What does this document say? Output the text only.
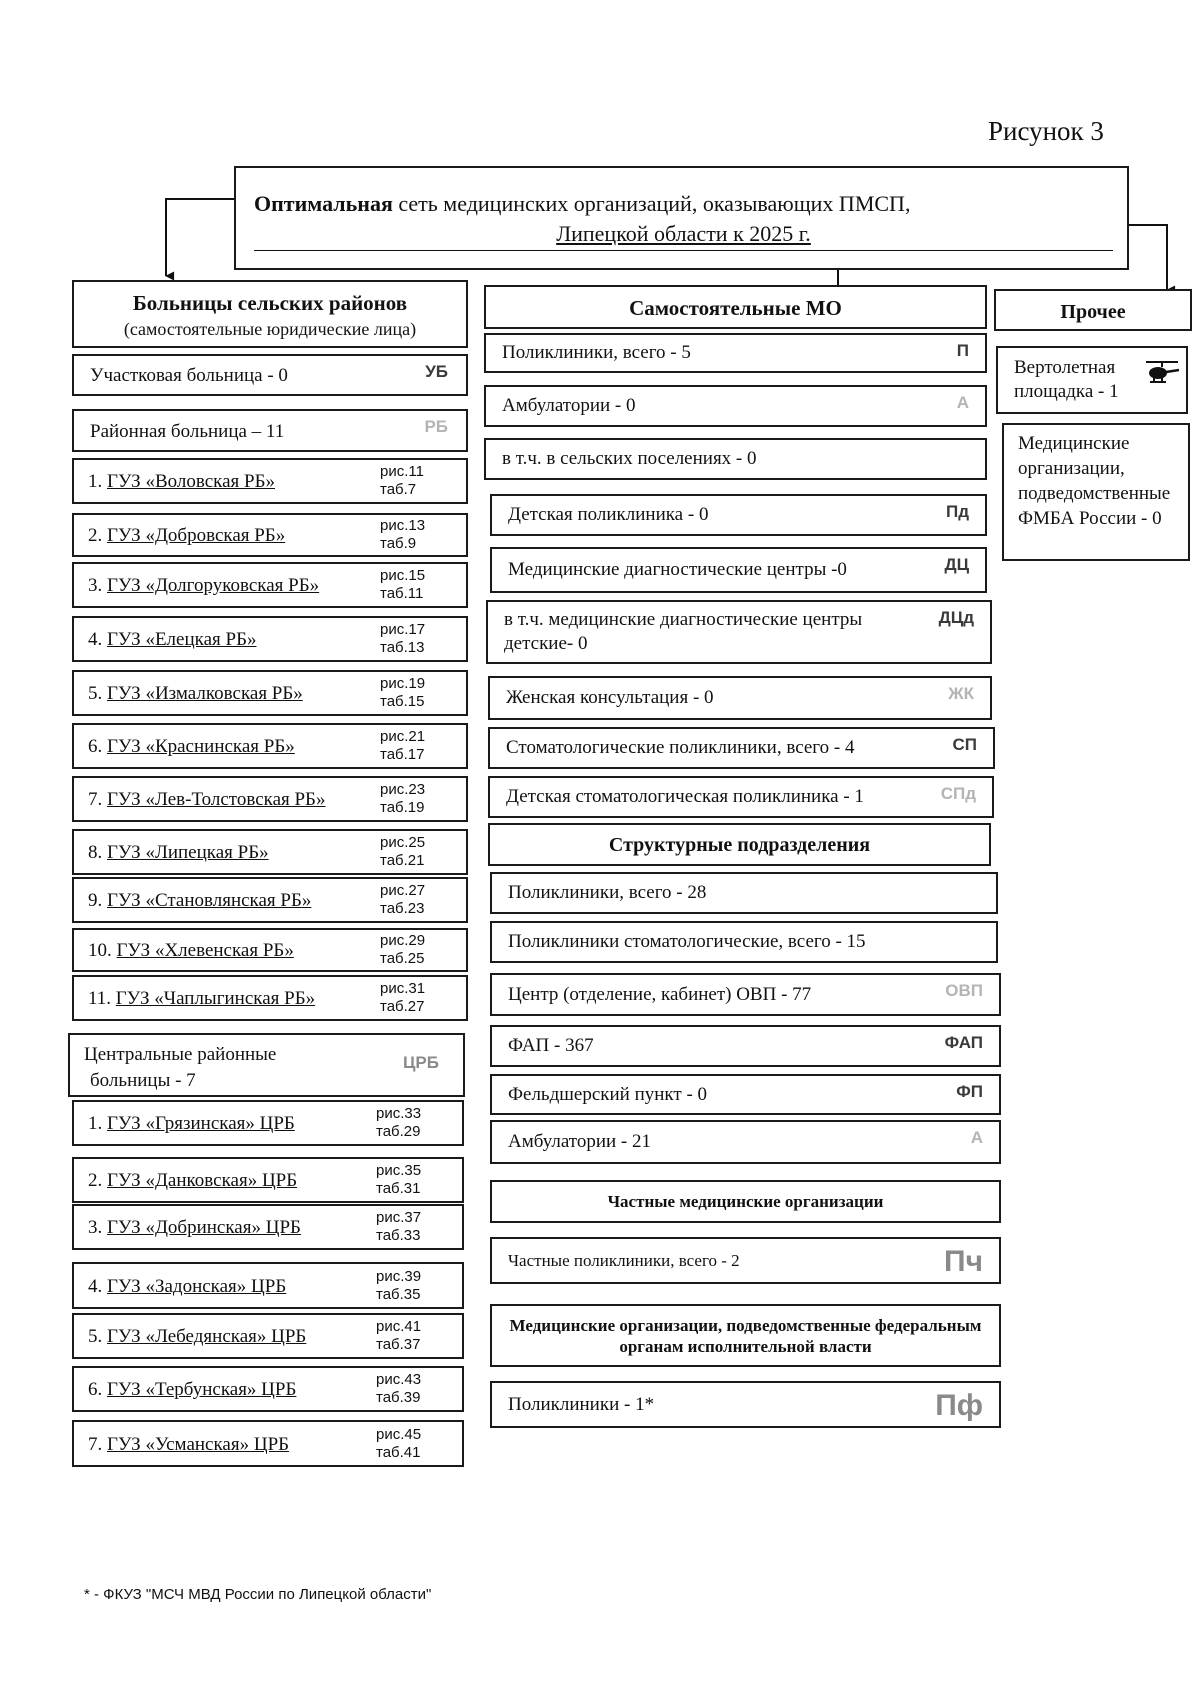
Рисунок 3
Оптимальная сеть медицинских организаций, оказывающих ПМСП,
Липецкой области к 2025 г.
Больницы сельских районов
(самостоятельные юридические лица)
Участковая больница - 0	УБ
Районная больница – 11	РБ
1. ГУЗ «Воловская РБ»	рис.11
таб.7
2. ГУЗ «Добровская РБ»	рис.13
таб.9
3. ГУЗ «Долгоруковская РБ»	рис.15
таб.11
4. ГУЗ «Елецкая РБ»	рис.17
таб.13
5. ГУЗ «Измалковская РБ»	рис.19
таб.15
6. ГУЗ «Краснинская РБ»	рис.21
таб.17
7. ГУЗ «Лев-Толстовская РБ»	рис.23
таб.19
8. ГУЗ «Липецкая РБ»	рис.25
таб.21
9. ГУЗ «Становлянская РБ»	рис.27
таб.23
10. ГУЗ «Хлевенская РБ»	рис.29
таб.25
11. ГУЗ «Чаплыгинская РБ»	рис.31
таб.27
Центральные районные
больницы - 7
ЦРБ
1. ГУЗ «Грязинская» ЦРБ	рис.33
таб.29
2. ГУЗ «Данковская» ЦРБ	рис.35
таб.31
3. ГУЗ «Добринская» ЦРБ	рис.37
таб.33
4. ГУЗ «Задонская» ЦРБ	рис.39
таб.35
5. ГУЗ «Лебедянская» ЦРБ	рис.41
таб.37
6. ГУЗ «Тербунская» ЦРБ	рис.43
таб.39
7. ГУЗ «Усманская» ЦРБ	рис.45
таб.41
Самостоятельные МО
Поликлиники, всего - 5	П
Амбулатории - 0	А
в т.ч. в сельских поселениях - 0
Детская поликлиника - 0	Пд
Медицинские диагностические центры -0	ДЦ
в т.ч. медицинские диагностические центры детские- 0
ДЦд
Женская консультация - 0	ЖК
Стоматологические поликлиники, всего - 4	СП
Детская стоматологическая поликлиника - 1	СПд
Структурные подразделения
Поликлиники, всего - 28
Поликлиники стоматологические, всего - 15
Центр (отделение, кабинет) ОВП - 77	ОВП
ФАП - 367	ФАП
Фельдшерский пункт - 0	ФП
Амбулатории - 21	А
Частные медицинские организации
Частные поликлиники, всего - 2	Пч
Медицинские организации, подведомственные федеральным органам исполнительной власти
Поликлиники - 1*	Пф
Прочее
Вертолетная площадка - 1
Медицинские организации, подведомственные ФМБА России - 0
* - ФКУЗ "МСЧ МВД России по Липецкой области"
